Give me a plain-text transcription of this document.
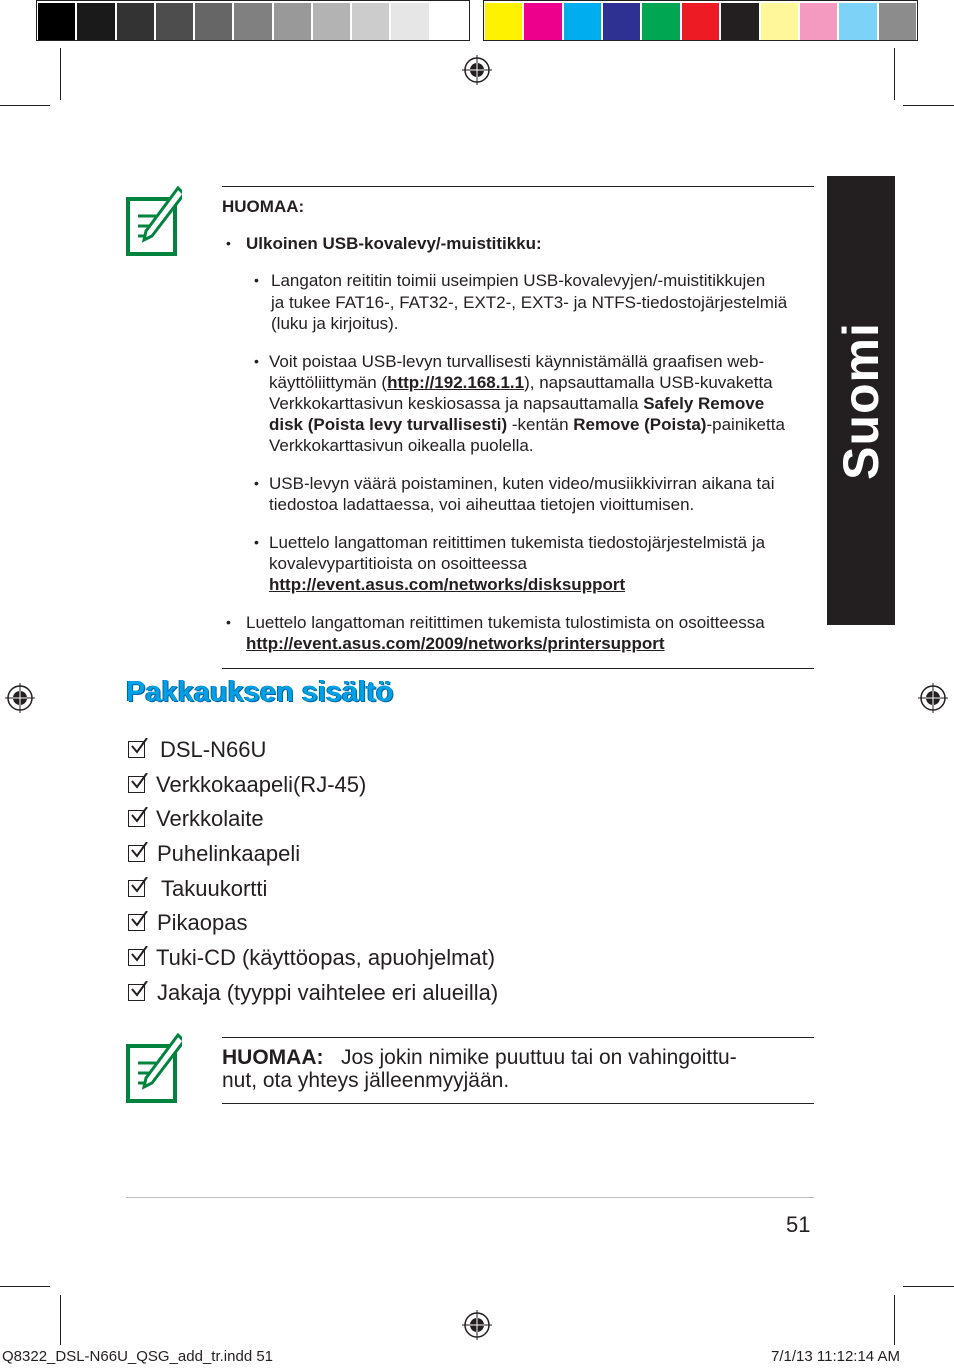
Suomi
HUOMAA:
• Ulkoinen USB-kovalevy/-muistitikku:
• Langaton reititin toimii useimpien USB-kovalevyjen/-muistitikkujen
ja tukee FAT16-, FAT32-, EXT2-, EXT3- ja NTFS-tiedostojärjestelmiä
(luku ja kirjoitus).
• Voit poistaa USB-levyn turvallisesti käynnistämällä graafisen web-
käyttöliittymän (http://192.168.1.1), napsauttamalla USB-kuvaketta
Verkkokarttasivun keskiosassa ja napsauttamalla Safely Remove
disk (Poista levy turvallisesti) -kentän Remove (Poista)-painiketta
Verkkokarttasivun oikealla puolella.
• USB-levyn väärä poistaminen, kuten video/musiikkivirran aikana tai
tiedostoa ladattaessa, voi aiheuttaa tietojen vioittumisen.
• Luettelo langattoman reitittimen tukemista tiedostojärjestelmistä ja
kovalevypartitioista on osoitteessa
http://event.asus.com/networks/disksupport
• Luettelo langattoman reitittimen tukemista tulostimista on osoitteessa
http://event.asus.com/2009/networks/printersupport
Pakkauksen sisältö
DSL-N66U
Verkkokaapeli(RJ-45)
Verkkolaite
Puhelinkaapeli
Takuukortti
Pikaopas
Tuki-CD (käyttöopas, apuohjelmat)
Jakaja (tyyppi vaihtelee eri alueilla)
HUOMAA: Jos jokin nimike puuttuu tai on vahingoittu-
nut, ota yhteys jälleenmyyjään.
51
Q8322_DSL-N66U_QSG_add_tr.indd 51	7/1/13 11:12:14 AM
